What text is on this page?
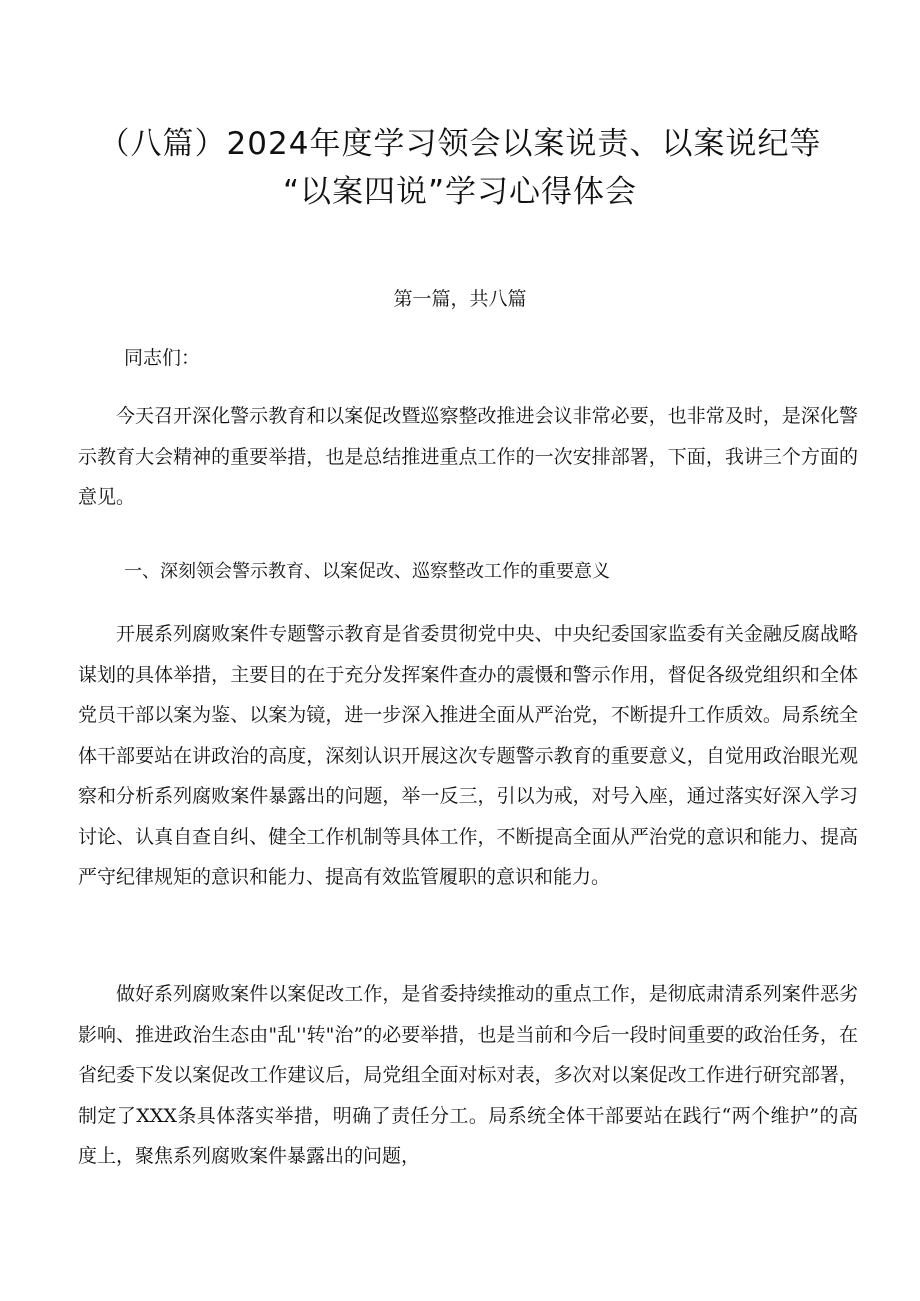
（八篇）2024年度学习领会以案说责、以案说纪等
“以案四说”学习心得体会
第一篇，共八篇
同志们：

今天召开深化警示教育和以案促改暨巡察整改推进会议非常必要，也非常及时，是深化警示教育大会精神的重要举措，也是总结推进重点工作的一次安排部署，下面，我讲三个方面的意见。

一、深刻领会警示教育、以案促改、巡察整改工作的重要意义

开展系列腐败案件专题警示教育是省委贯彻党中央、中央纪委国家监委有关金融反腐战略谋划的具体举措，主要目的在于充分发挥案件查办的震慑和警示作用，督促各级党组织和全体党员干部以案为鉴、以案为镜，进一步深入推进全面从严治党，不断提升工作质效。局系统全体干部要站在讲政治的高度，深刻认识开展这次专题警示教育的重要意义，自觉用政治眼光观察和分析系列腐败案件暴露出的问题，举一反三，引以为戒，对号入座，通过落实好深入学习讨论、认真自查自纠、健全工作机制等具体工作，不断提高全面从严治党的意识和能力、提高严守纪律规矩的意识和能力、提高有效监管履职的意识和能力。

做好系列腐败案件以案促改工作，是省委持续推动的重点工作，是彻底肃清系列案件恶劣影响、推进政治生态由"乱''转"治”的必要举措，也是当前和今后一段时间重要的政治任务，在省纪委下发以案促改工作建议后，局党组全面对标对表，多次对以案促改工作进行研究部署，制定了XXX条具体落实举措，明确了责任分工。局系统全体干部要站在践行“两个维护”的高度上，聚焦系列腐败案件暴露出的问题，
